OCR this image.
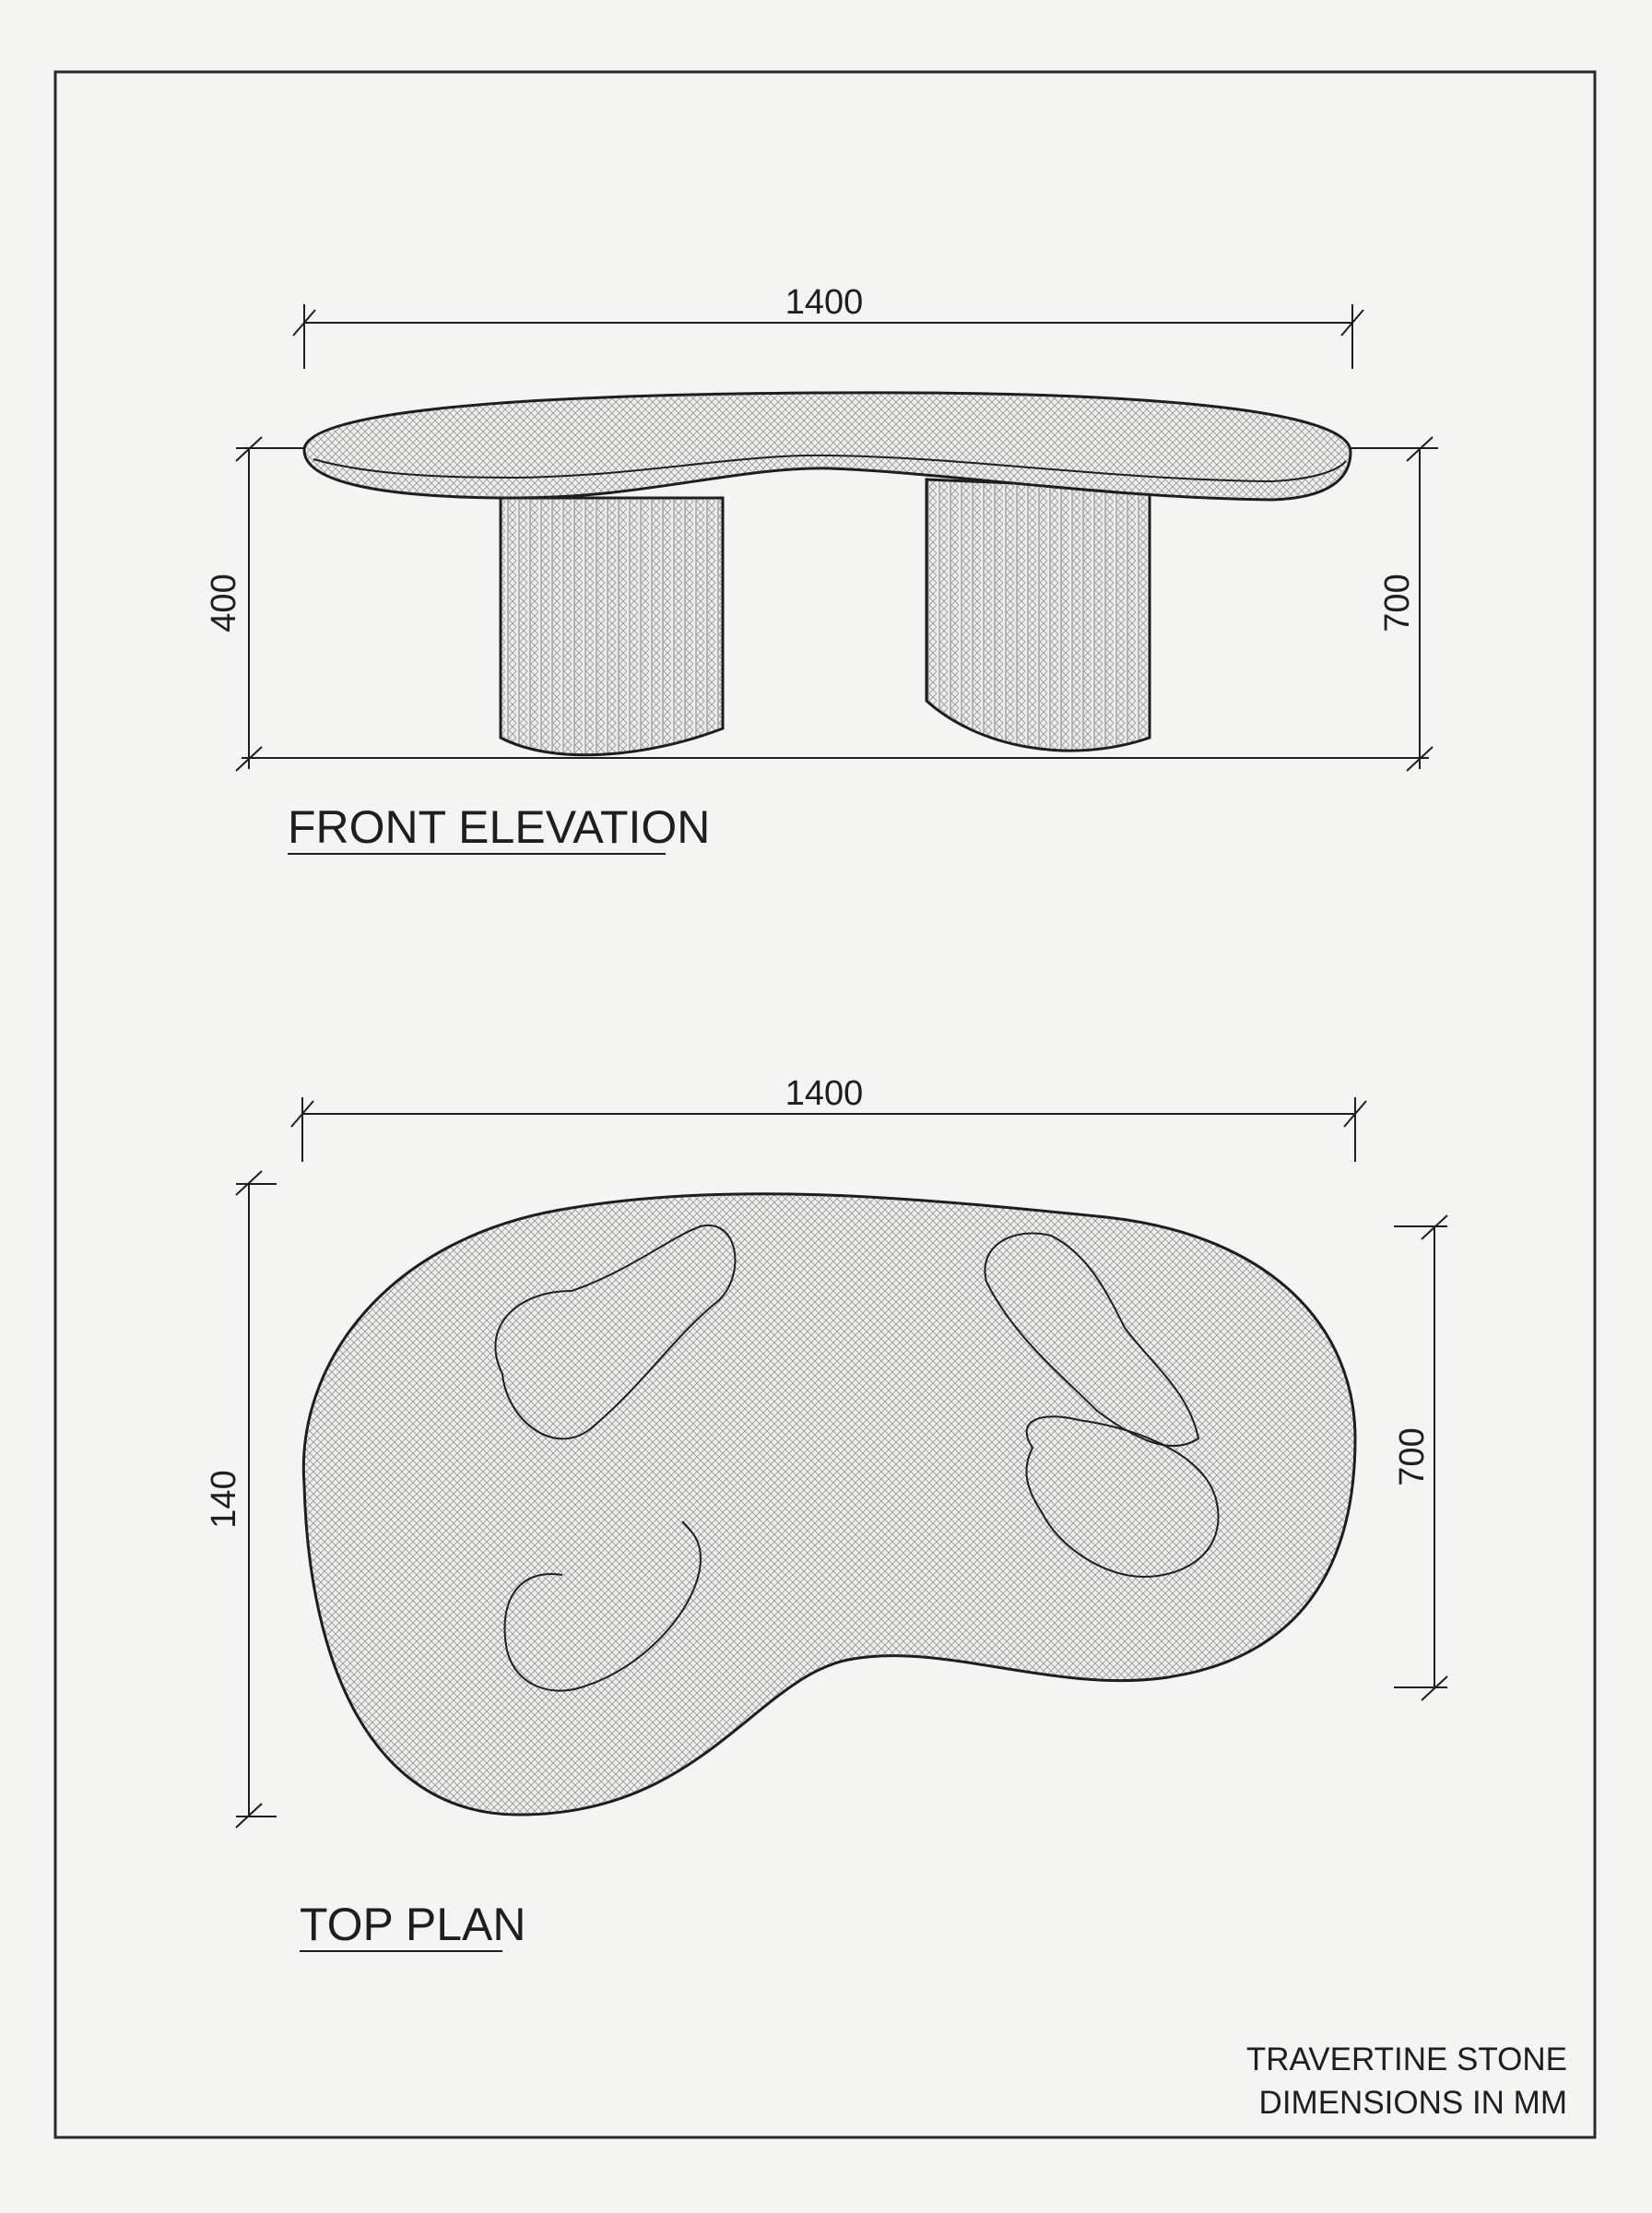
1400
400	700
FRONT ELEVATION
1400
140
700
TOP PLAN
TRAVERTINE STONE
DIMENSIONS IN MM
